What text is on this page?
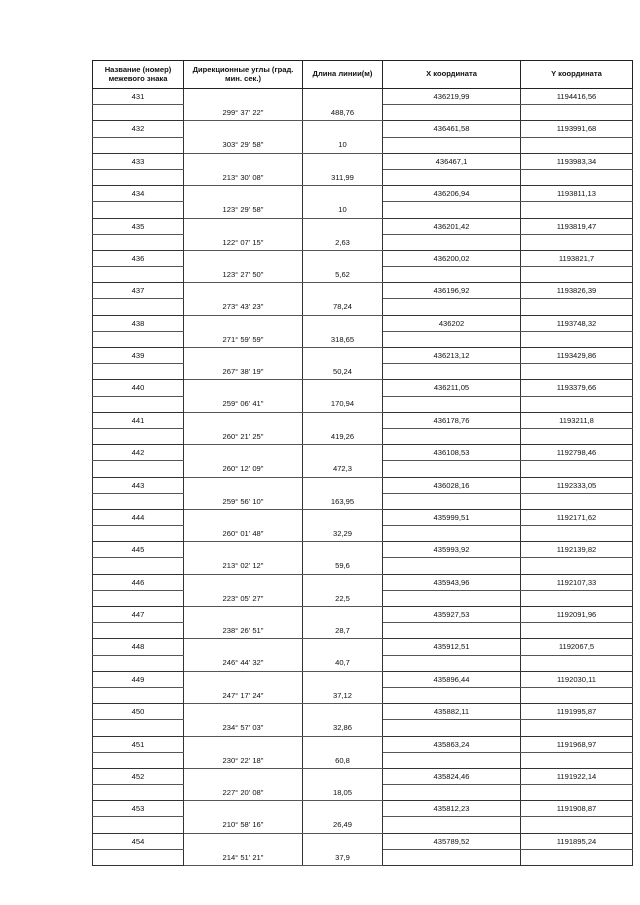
Название (номер) межевого знака	Дирекционные углы (град. мин. сек.)	Длина линии(м)	X координата	Y координата
431			436219,99	1194416,56
	299° 37' 22"	488,76		
432			436461,58	1193991,68
	303° 29' 58"	10		
433			436467,1	1193983,34
	213° 30' 08"	311,99		
434			436206,94	1193811,13
	123° 29' 58"	10		
435			436201,42	1193819,47
	122° 07' 15"	2,63		
436			436200,02	1193821,7
	123° 27' 50"	5,62		
437			436196,92	1193826,39
	273° 43' 23"	78,24		
438			436202	1193748,32
	271° 59' 59"	318,65		
439			436213,12	1193429,86
	267° 38' 19"	50,24		
440			436211,05	1193379,66
	259° 06' 41"	170,94		
441			436178,76	1193211,8
	260° 21' 25"	419,26		
442			436108,53	1192798,46
	260° 12' 09"	472,3		
443			436028,16	1192333,05
	259° 56' 10"	163,95		
444			435999,51	1192171,62
	260° 01' 48"	32,29		
445			435993,92	1192139,82
	213° 02' 12"	59,6		
446			435943,96	1192107,33
	223° 05' 27"	22,5		
447			435927,53	1192091,96
	238° 26' 51"	28,7		
448			435912,51	1192067,5
	246° 44' 32"	40,7		
449			435896,44	1192030,11
	247° 17' 24"	37,12		
450			435882,11	1191995,87
	234° 57' 03"	32,86		
451			435863,24	1191968,97
	230° 22' 18"	60,8		
452			435824,46	1191922,14
	227° 20' 08"	18,05		
453			435812,23	1191908,87
	210° 58' 16"	26,49		
454			435789,52	1191895,24
	214° 51' 21"	37,9		
